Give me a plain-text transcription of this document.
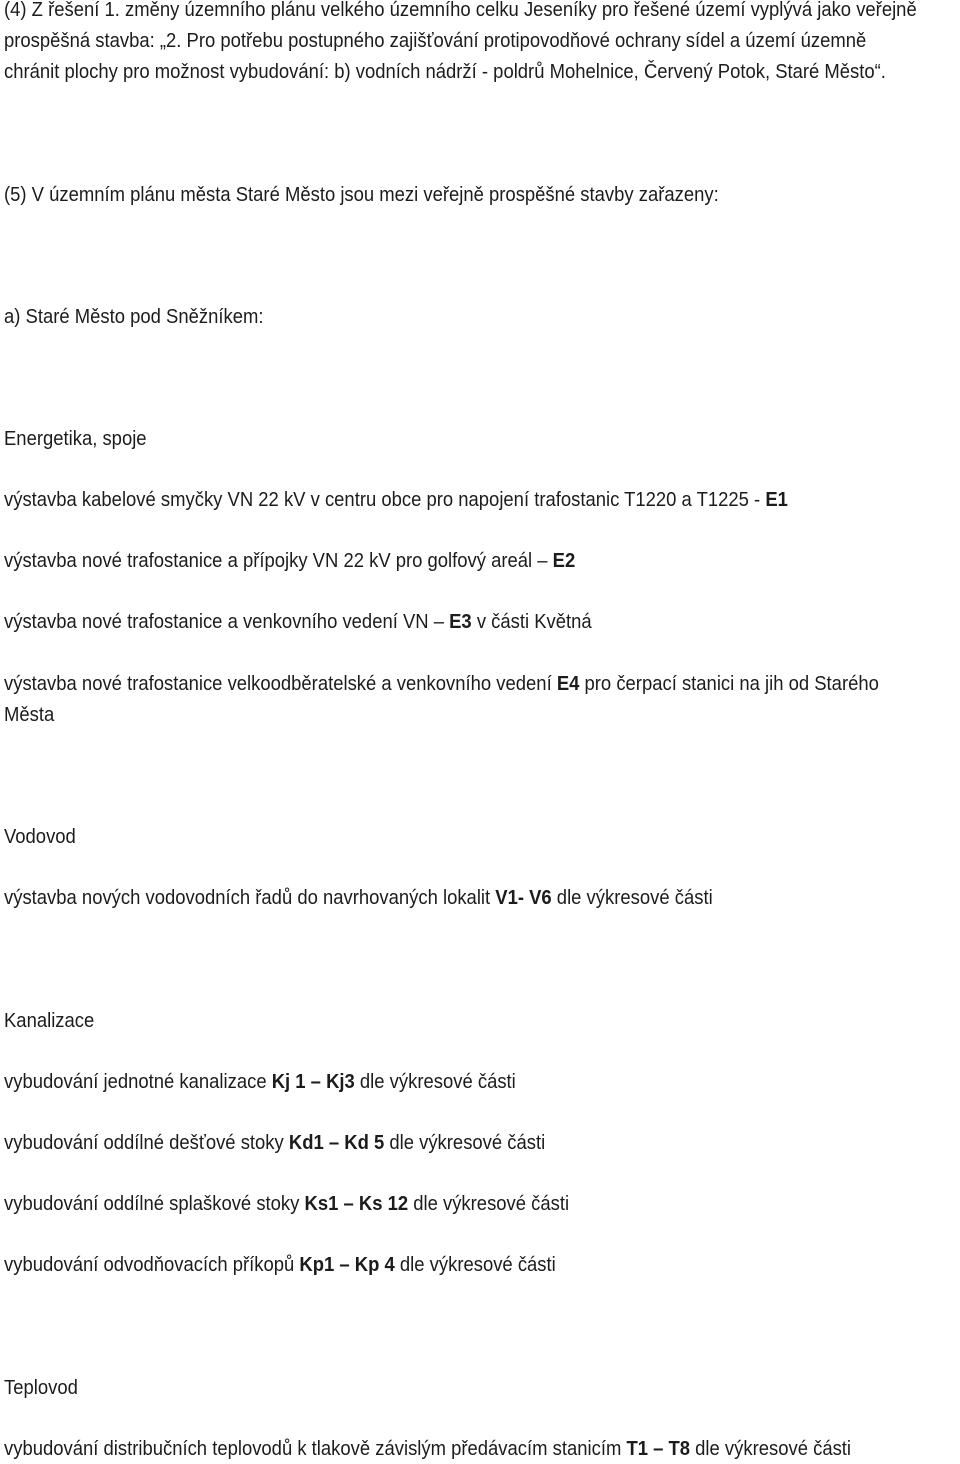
(4) Z řešení 1. změny územního plánu velkého územního celku Jeseníky pro řešené území vyplývá jako veřejně

prospěšná stavba: „2. Pro potřebu postupného zajišťování protipovodňové ochrany sídel a území územně

chránit plochy pro možnost vybudování: b) vodních nádrží - poldrů Mohelnice, Červený Potok, Staré Město“.

(5) V územním plánu města Staré Město jsou mezi veřejně prospěšné stavby zařazeny:

a) Staré Město pod Sněžníkem:

Energetika, spoje

výstavba kabelové smyčky VN 22 kV v centru obce pro napojení trafostanic T1220 a T1225 - E1

výstavba nové trafostanice a přípojky VN 22 kV pro golfový areál – E2

výstavba nové trafostanice a venkovního vedení VN – E3 v části Květná

výstavba nové trafostanice velkoodběratelské a venkovního vedení E4 pro čerpací stanici na jih od Starého

Města

Vodovod

výstavba nových vodovodních řadů do navrhovaných lokalit V1- V6 dle výkresové části

Kanalizace

vybudování jednotné kanalizace Kj 1 – Kj3 dle výkresové části

vybudování oddílné dešťové stoky Kd1 – Kd 5 dle výkresové části

vybudování oddílné splaškové stoky Ks1 – Ks 12 dle výkresové části

vybudování odvodňovacích příkopů Kp1 – Kp 4 dle výkresové části

Teplovod

vybudování distribučních teplovodů k tlakově závislým předávacím stanicím T1 – T8 dle výkresové části
